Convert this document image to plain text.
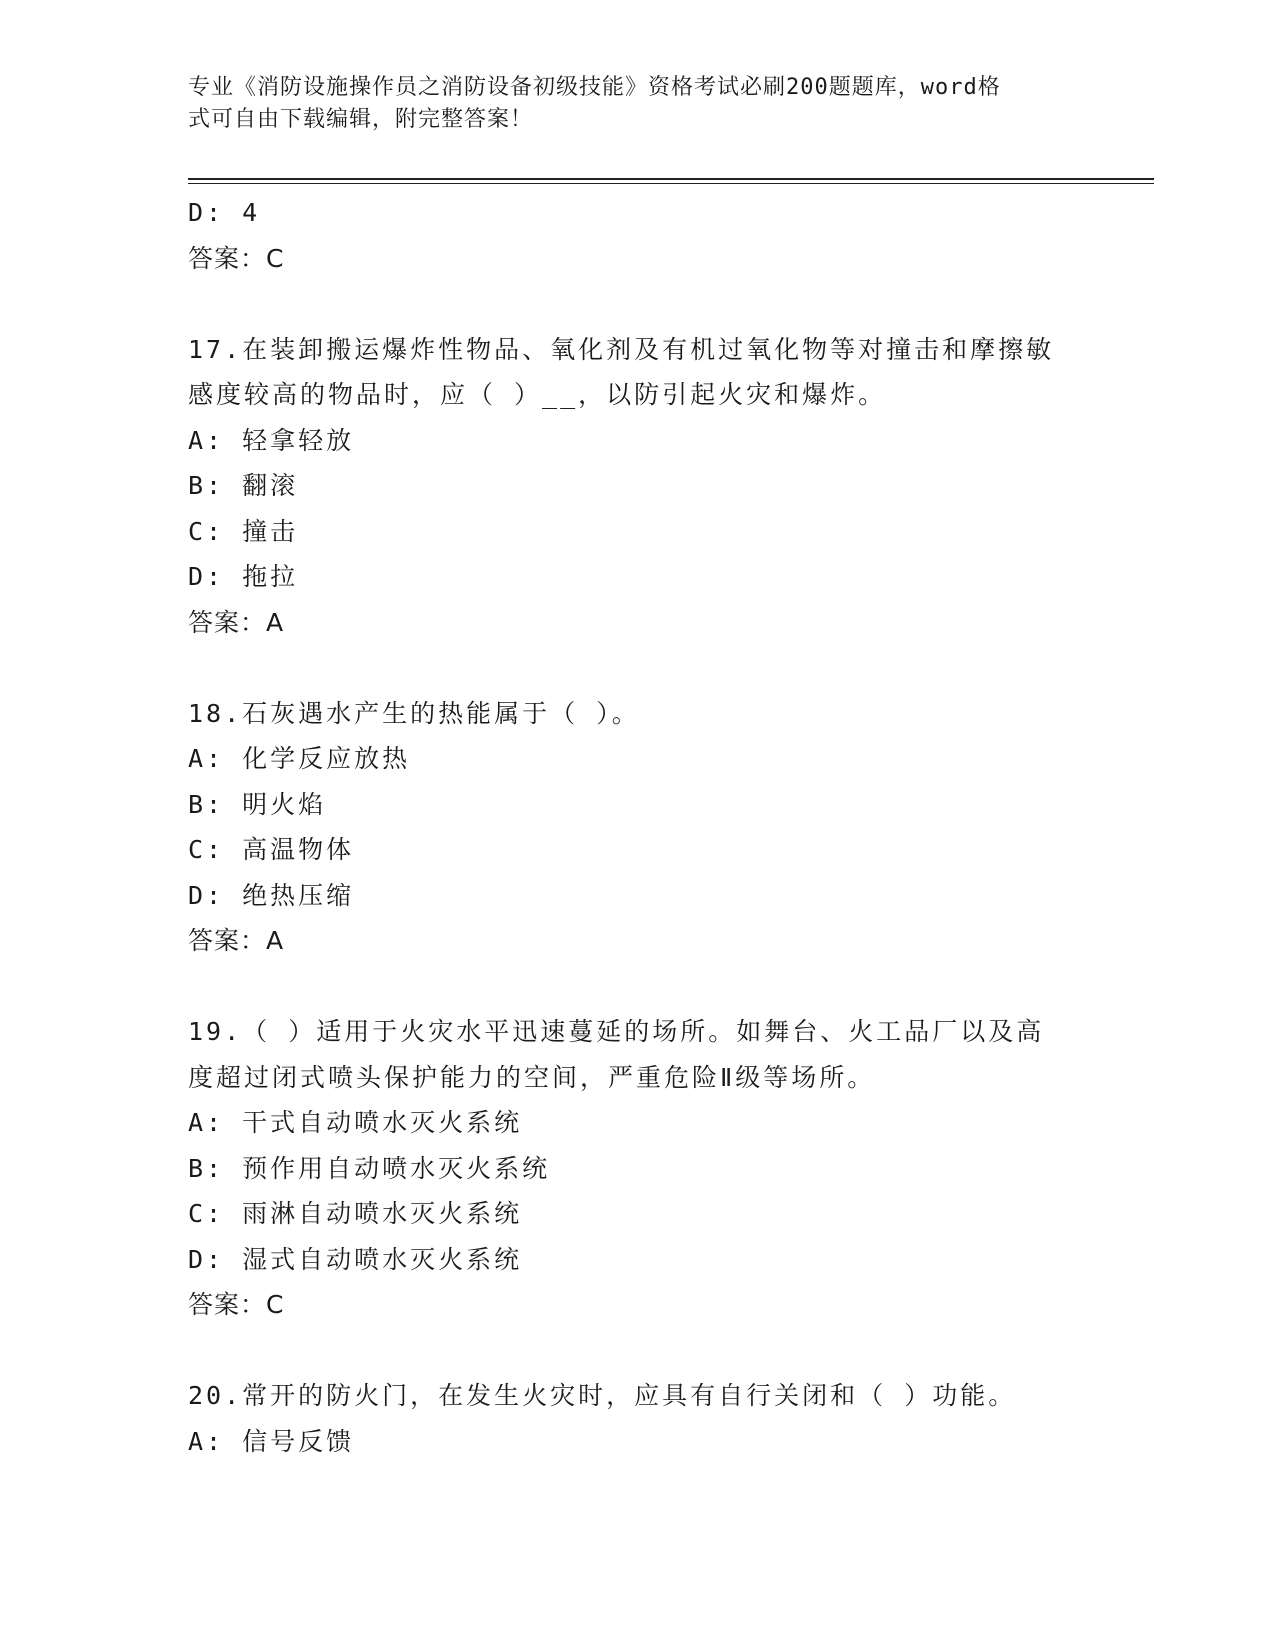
专业《消防设施操作员之消防设备初级技能》资格考试必刷200题题库，word格
式可自由下载编辑，附完整答案！
D: 4
答案：C
17.在装卸搬运爆炸性物品、氧化剂及有机过氧化物等对撞击和摩擦敏
感度较高的物品时，应（ ）__，以防引起火灾和爆炸。
A: 轻拿轻放
B: 翻滚
C: 撞击
D: 拖拉
答案：A
18.石灰遇水产生的热能属于（ ）。
A: 化学反应放热
B: 明火焰
C: 高温物体
D: 绝热压缩
答案：A
19.（ ）适用于火灾水平迅速蔓延的场所。如舞台、火工品厂以及高
度超过闭式喷头保护能力的空间，严重危险Ⅱ级等场所。
A: 干式自动喷水灭火系统
B: 预作用自动喷水灭火系统
C: 雨淋自动喷水灭火系统
D: 湿式自动喷水灭火系统
答案：C
20.常开的防火门，在发生火灾时，应具有自行关闭和（ ）功能。
A: 信号反馈
